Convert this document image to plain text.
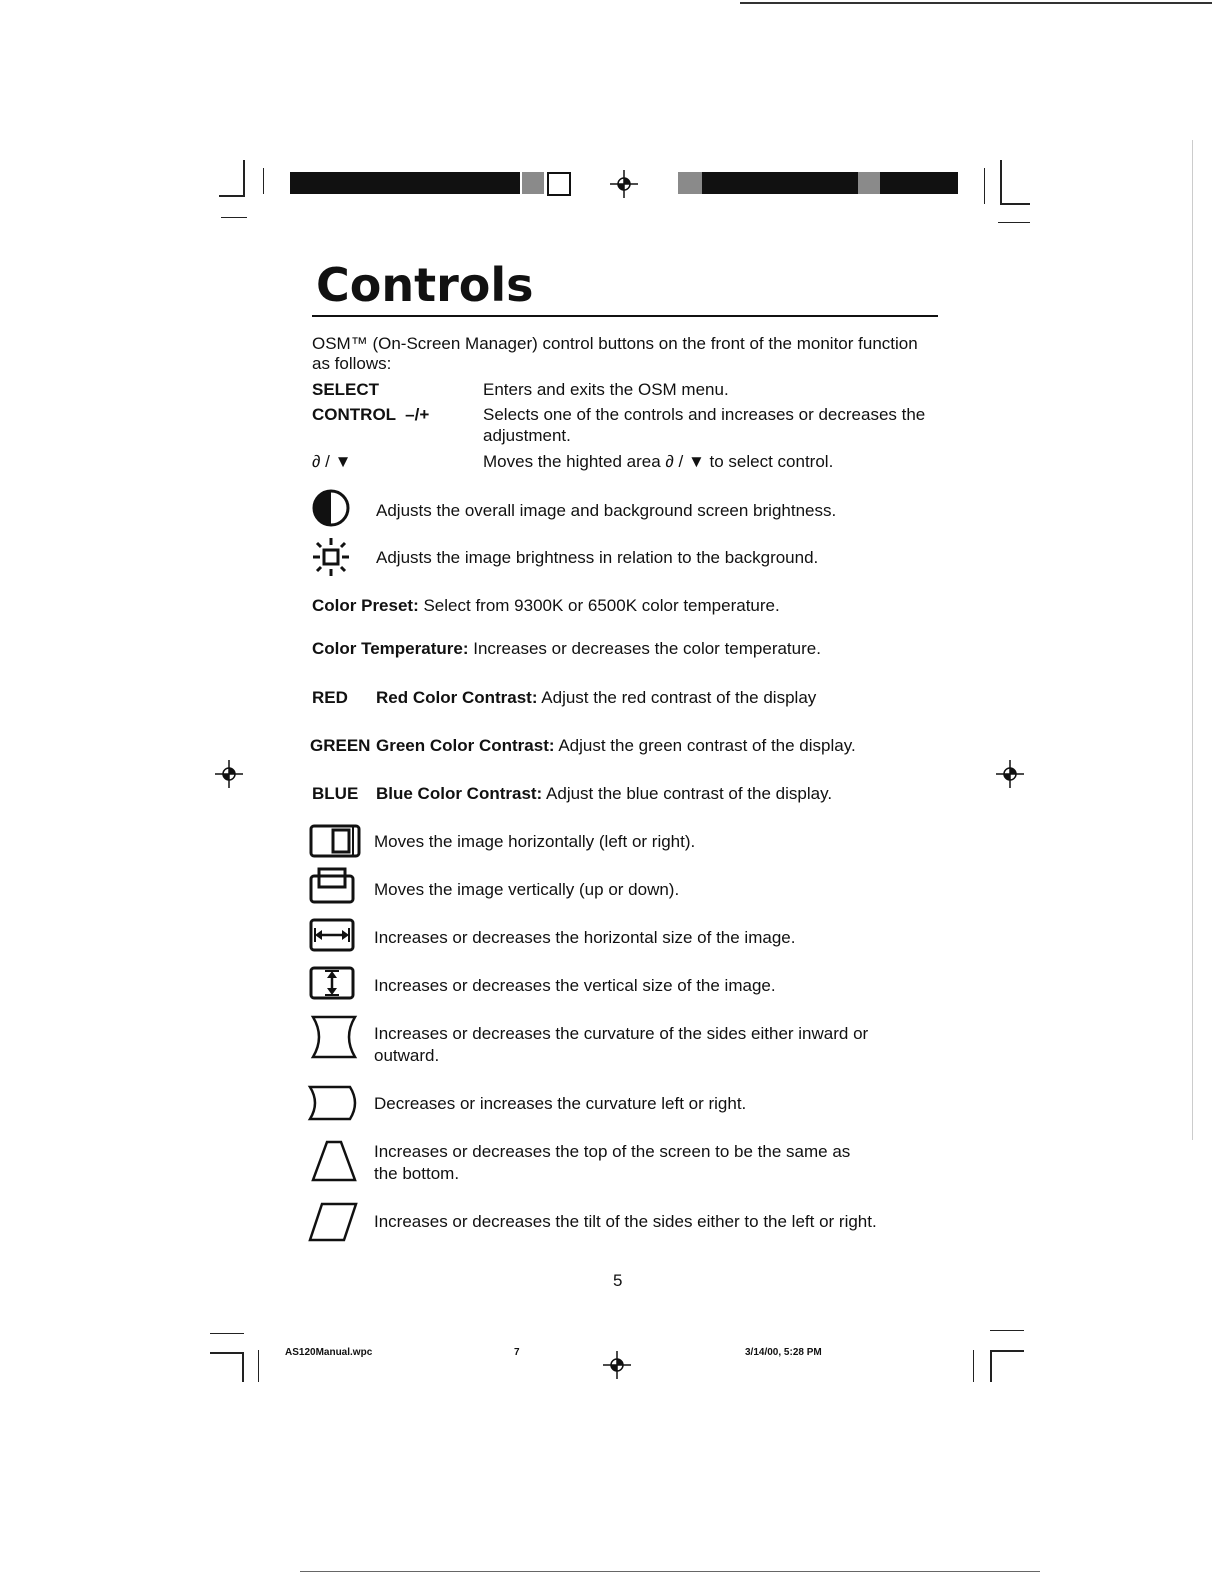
Controls
OSM™ (On-Screen Manager) control buttons on the front of the monitor function
as follows:
SELECT	Enters and exits the OSM menu.
CONTROL  –/+	Selects one of the controls and increases or decreases the
adjustment.
∂ / ▼	Moves the highted area ∂ / ▼ to select control.
Adjusts the overall image and background screen brightness.
Adjusts the image brightness in relation to the background.
Color Preset: Select from 9300K or 6500K color temperature.
Color Temperature: Increases or decreases the color temperature.
RED Red Color Contrast: Adjust the red contrast of the display
GREEN Green Color Contrast: Adjust the green contrast of the display.
BLUE Blue Color Contrast: Adjust the blue contrast of the display.
Moves the image horizontally (left or right).
Moves the image vertically (up or down).
Increases or decreases the horizontal size of the image.
Increases or decreases the vertical size of the image.
Increases or decreases the curvature of the sides either inward or
outward.
Decreases or increases the curvature left or right.
Increases or decreases the top of the screen to be the same as
the bottom.
Increases or decreases the tilt of the sides either to the left or right.
5
AS120Manual.wpc	7	3/14/00, 5:28 PM
